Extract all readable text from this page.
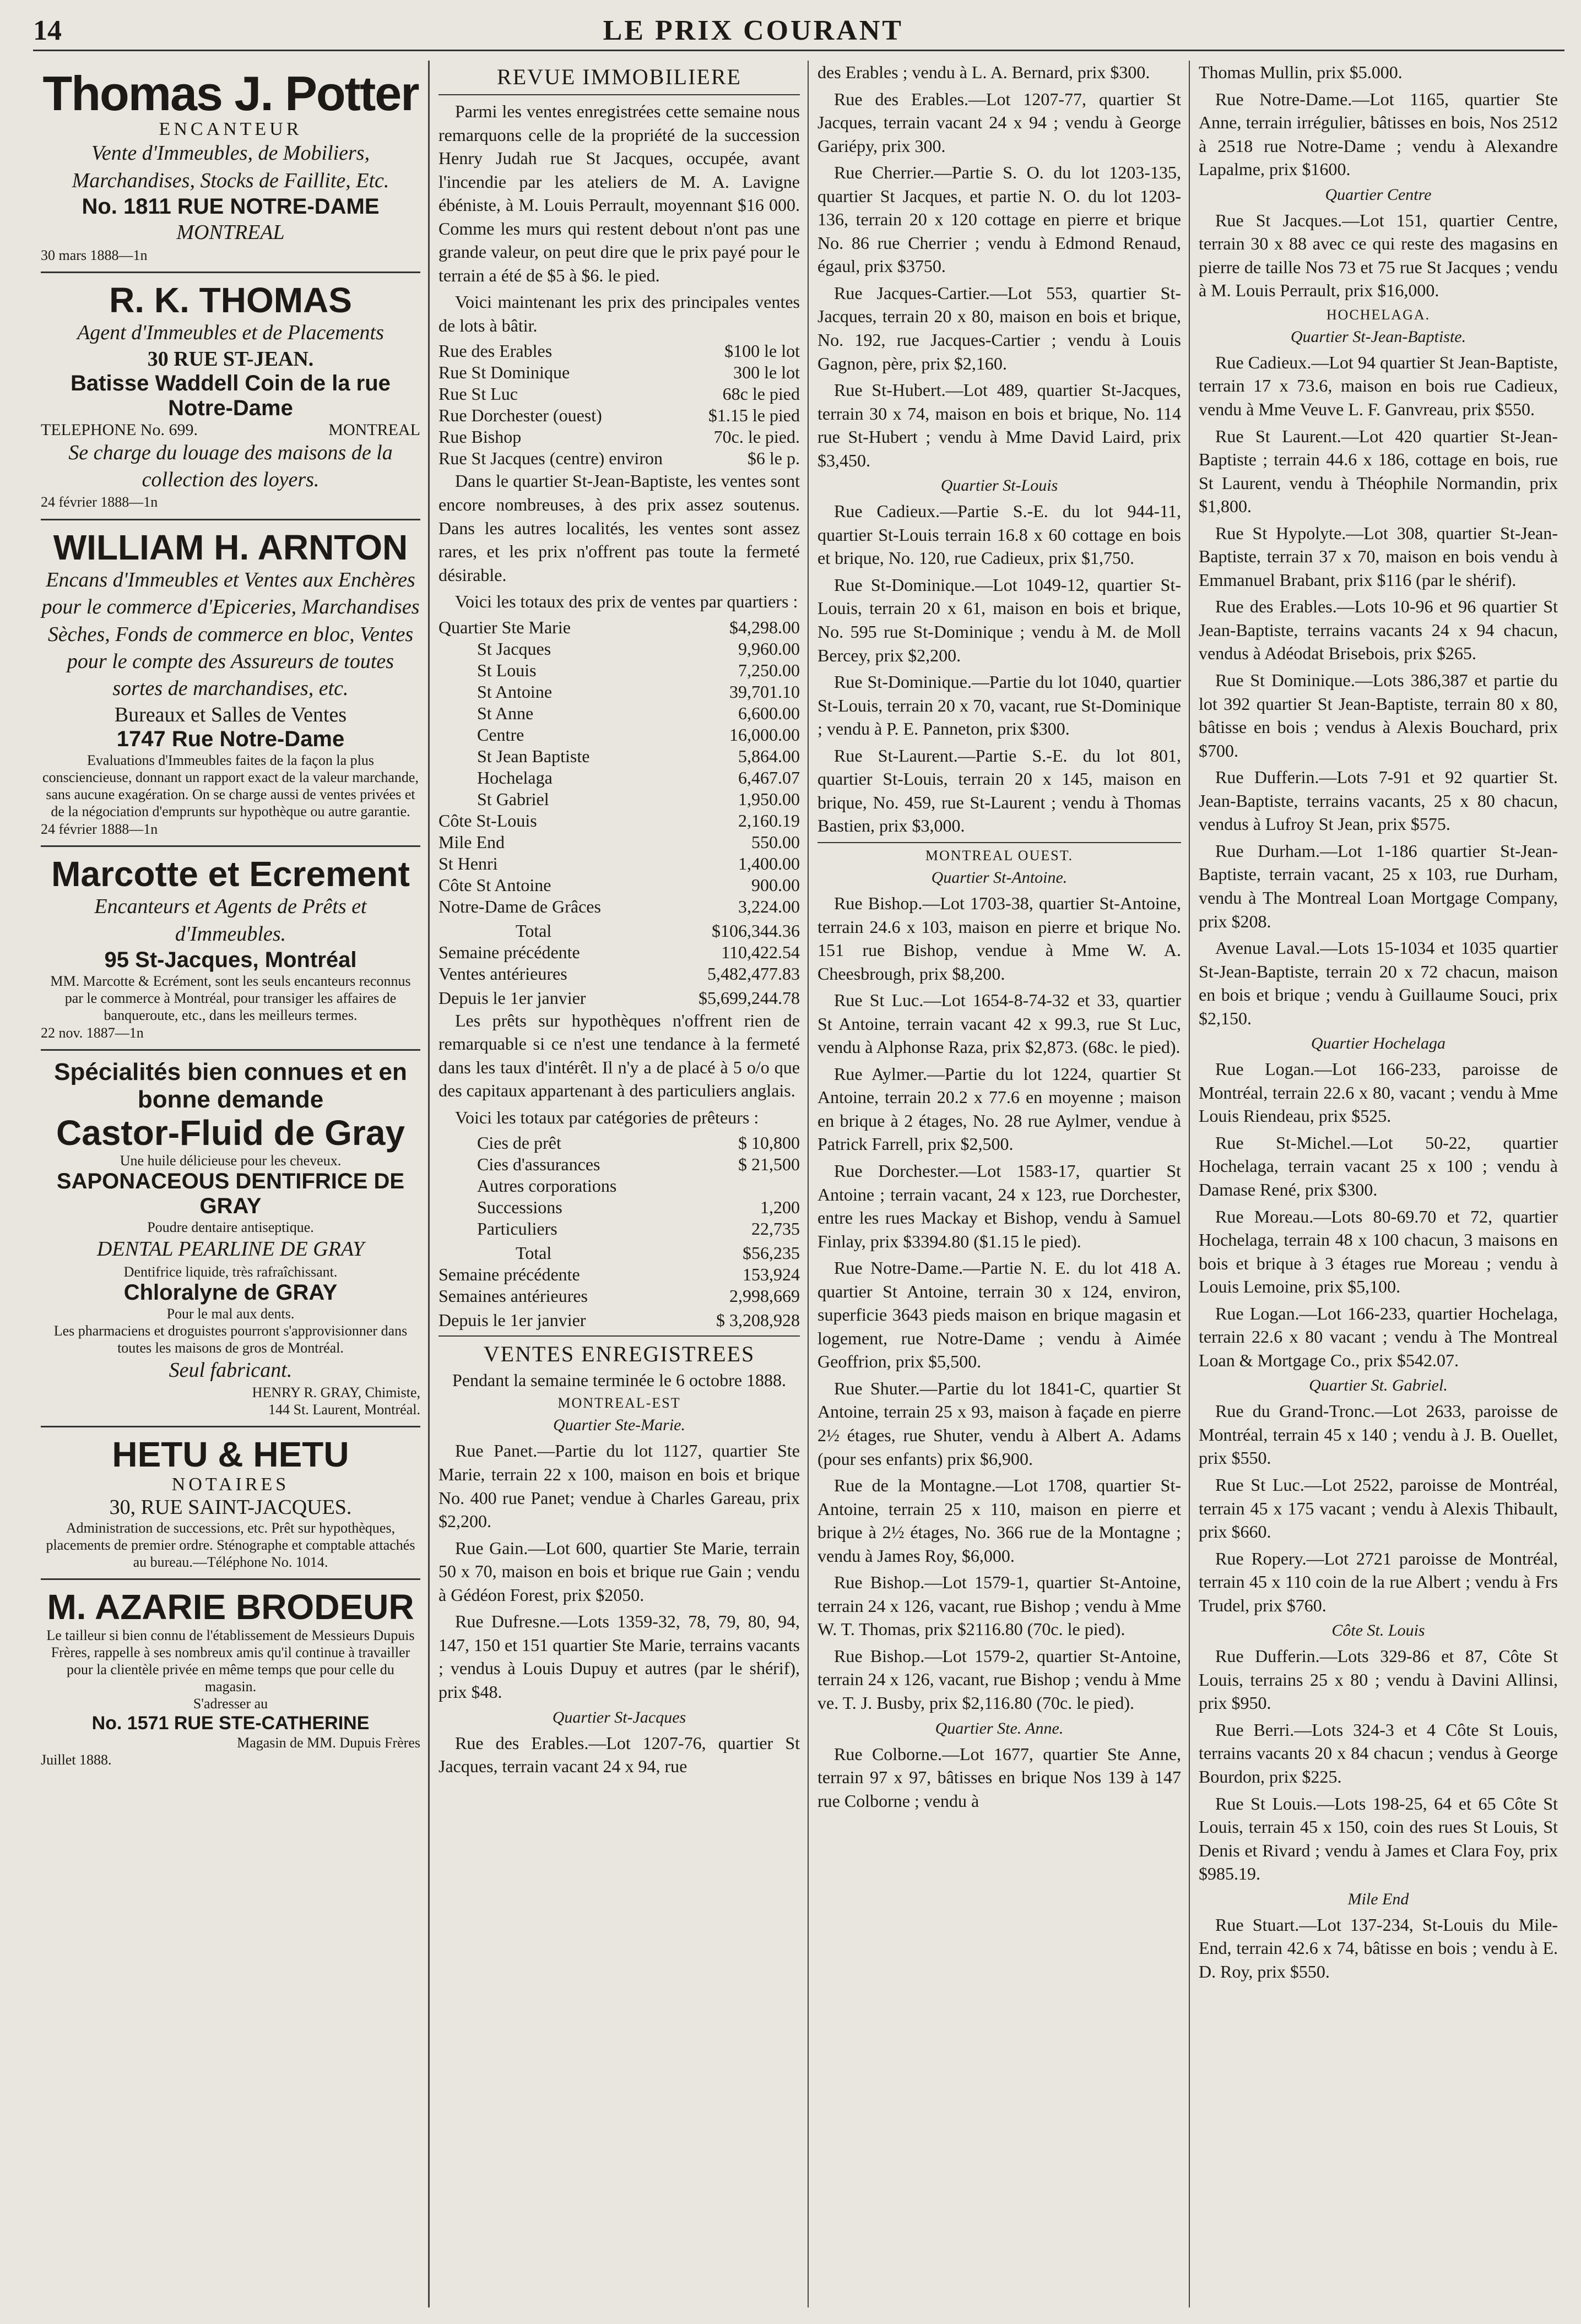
14	LE PRIX COURANT
Thomas J. Potter
ENCANTEUR
Vente d'Immeubles, de Mobiliers, Marchandises, Stocks de Faillite, Etc.
No. 1811 RUE NOTRE-DAME
MONTREAL
30 mars 1888—1n
R. K. THOMAS
Agent d'Immeubles et de Placements
30 RUE ST-JEAN.
Batisse Waddell Coin de la rue Notre-Dame
TELEPHONE No. 699.	MONTREAL
Se charge du louage des maisons de la collection des loyers.
24 février 1888—1n
WILLIAM H. ARNTON
Encans d'Immeubles et Ventes aux Enchères pour le commerce d'Epiceries, Marchandises Sèches, Fonds de commerce en bloc, Ventes pour le compte des Assureurs de toutes sortes de marchandises, etc.
Bureaux et Salles de Ventes
1747 Rue Notre-Dame
Evaluations d'Immeubles faites de la façon la plus consciencieuse, donnant un rapport exact de la valeur marchande, sans aucune exagération. On se charge aussi de ventes privées et de la négociation d'emprunts sur hypothèque ou autre garantie.
24 février 1888—1n
Marcotte et Ecrement
Encanteurs et Agents de Prêts et d'Immeubles.
95 St-Jacques, Montréal
MM. Marcotte & Ecrément, sont les seuls encanteurs reconnus par le commerce à Montréal, pour transiger les affaires de banqueroute, etc., dans les meilleurs termes.
22 nov. 1887—1n
Spécialités bien connues et en bonne demande
Castor-Fluid de Gray
Une huile délicieuse pour les cheveux.
SAPONACEOUS DENTIFRICE DE GRAY
Poudre dentaire antiseptique.
DENTAL PEARLINE DE GRAY
Dentifrice liquide, très rafraîchissant.
Chloralyne de GRAY
Pour le mal aux dents.
Les pharmaciens et droguistes pourront s'approvisionner dans toutes les maisons de gros de Montréal.
Seul fabricant.
HENRY R. GRAY, Chimiste,
144 St. Laurent, Montréal.
HETU & HETU
NOTAIRES
30, RUE SAINT-JACQUES.
Administration de successions, etc. Prêt sur hypothèques, placements de premier ordre. Sténographe et comptable attachés au bureau.—Téléphone No. 1014.
M. AZARIE BRODEUR
Le tailleur si bien connu de l'établissement de Messieurs Dupuis Frères, rappelle à ses nombreux amis qu'il continue à travailler pour la clientèle privée en même temps que pour celle du magasin.
S'adresser au
No. 1571 RUE STE-CATHERINE
Magasin de MM. Dupuis Frères
Juillet 1888.
REVUE IMMOBILIERE

Parmi les ventes enregistrées cette semaine nous remarquons celle de la propriété de la succession Henry Judah rue St Jacques, occupée, avant l'incendie par les ateliers de M. A. Lavigne ébéniste, à M. Louis Perrault, moyennant $16 000. Comme les murs qui restent debout n'ont pas une grande valeur, on peut dire que le prix payé pour le terrain a été de $5 à $6. le pied.

Voici maintenant les prix des principales ventes de lots à bâtir.

Rue des Erables	$100 le lot
Rue St Dominique	300 le lot
Rue St Luc	68c le pied
Rue Dorchester (ouest)	$1.15 le pied
Rue Bishop	70c. le pied.
Rue St Jacques (centre) environ	$6 le p.

Dans le quartier St-Jean-Baptiste, les ventes sont encore nombreuses, à des prix assez soutenus. Dans les autres localités, les ventes sont assez rares, et les prix n'offrent pas toute la fermeté désirable.

Voici les totaux des prix de ventes par quartiers :

Quartier Ste Marie	$4,298.00
St Jacques	9,960.00
St Louis	7,250.00
St Antoine	39,701.10
St Anne	6,600.00
Centre	16,000.00
St Jean Baptiste	5,864.00
Hochelaga	6,467.07
St Gabriel	1,950.00
Côte St-Louis	2,160.19
Mile End	550.00
St Henri	1,400.00
Côte St Antoine	900.00
Notre-Dame de Grâces	3,224.00
Total	$106,344.36
Semaine précédente	110,422.54
Ventes antérieures	5,482,477.83
Depuis le 1er janvier	$5,699,244.78

Les prêts sur hypothèques n'offrent rien de remarquable si ce n'est une tendance à la fermeté dans les taux d'intérêt. Il n'y a de placé à 5 o/o que des capitaux appartenant à des particuliers anglais.

Voici les totaux par catégories de prêteurs :

Cies de prêt	$ 10,800
Cies d'assurances	$ 21,500
Autres corporations	
Successions	1,200
Particuliers	22,735
Total	$56,235
Semaine précédente	153,924
Semaines antérieures	2,998,669
Depuis le 1er janvier	$ 3,208,928
VENTES ENREGISTREES
Pendant la semaine terminée le 6 octobre 1888.
MONTREAL-EST
Quartier Ste-Marie.

Rue Panet.—Partie du lot 1127, quartier Ste Marie, terrain 22 x 100, maison en bois et brique No. 400 rue Panet; vendue à Charles Gareau, prix $2,200.

Rue Gain.—Lot 600, quartier Ste Marie, terrain 50 x 70, maison en bois et brique rue Gain ; vendu à Gédéon Forest, prix $2050.

Rue Dufresne.—Lots 1359-32, 78, 79, 80, 94, 147, 150 et 151 quartier Ste Marie, terrains vacants ; vendus à Louis Dupuy et autres (par le shérif), prix $48.

Quartier St-Jacques

Rue des Erables.—Lot 1207-76, quartier St Jacques, terrain vacant 24 x 94, rue

des Erables ; vendu à L. A. Bernard, prix $300.

Rue des Erables.—Lot 1207-77, quartier St Jacques, terrain vacant 24 x 94 ; vendu à George Gariépy, prix 300.

Rue Cherrier.—Partie S. O. du lot 1203-135, quartier St Jacques, et partie N. O. du lot 1203-136, terrain 20 x 120 cottage en pierre et brique No. 86 rue Cherrier ; vendu à Edmond Renaud, égaul, prix $3750.

Rue Jacques-Cartier.—Lot 553, quartier St-Jacques, terrain 20 x 80, maison en bois et brique, No. 192, rue Jacques-Cartier ; vendu à Louis Gagnon, père, prix $2,160.

Rue St-Hubert.—Lot 489, quartier St-Jacques, terrain 30 x 74, maison en bois et brique, No. 114 rue St-Hubert ; vendu à Mme David Laird, prix $3,450.

Quartier St-Louis

Rue Cadieux.—Partie S.-E. du lot 944-11, quartier St-Louis terrain 16.8 x 60 cottage en bois et brique, No. 120, rue Cadieux, prix $1,750.

Rue St-Dominique.—Lot 1049-12, quartier St-Louis, terrain 20 x 61, maison en bois et brique, No. 595 rue St-Dominique ; vendu à M. de Moll Bercey, prix $2,200.

Rue St-Dominique.—Partie du lot 1040, quartier St-Louis, terrain 20 x 70, vacant, rue St-Dominique ; vendu à P. E. Panneton, prix $300.

Rue St-Laurent.—Partie S.-E. du lot 801, quartier St-Louis, terrain 20 x 145, maison en brique, No. 459, rue St-Laurent ; vendu à Thomas Bastien, prix $3,000.

MONTREAL OUEST.
Quartier St-Antoine.

Rue Bishop.—Lot 1703-38, quartier St-Antoine, terrain 24.6 x 103, maison en pierre et brique No. 151 rue Bishop, vendue à Mme W. A. Cheesbrough, prix $8,200.

Rue St Luc.—Lot 1654-8-74-32 et 33, quartier St Antoine, terrain vacant 42 x 99.3, rue St Luc, vendu à Alphonse Raza, prix $2,873. (68c. le pied).

Rue Aylmer.—Partie du lot 1224, quartier St Antoine, terrain 20.2 x 77.6 en moyenne ; maison en brique à 2 étages, No. 28 rue Aylmer, vendue à Patrick Farrell, prix $2,500.

Rue Dorchester.—Lot 1583-17, quartier St Antoine ; terrain vacant, 24 x 123, rue Dorchester, entre les rues Mackay et Bishop, vendu à Samuel Finlay, prix $3394.80 ($1.15 le pied).

Rue Notre-Dame.—Partie N. E. du lot 418 A. quartier St Antoine, terrain 30 x 124, environ, superficie 3643 pieds maison en brique magasin et logement, rue Notre-Dame ; vendu à Aimée Geoffrion, prix $5,500.

Rue Shuter.—Partie du lot 1841-C, quartier St Antoine, terrain 25 x 93, maison à façade en pierre 2½ étages, rue Shuter, vendu à Albert A. Adams (pour ses enfants) prix $6,900.

Rue de la Montagne.—Lot 1708, quartier St-Antoine, terrain 25 x 110, maison en pierre et brique à 2½ étages, No. 366 rue de la Montagne ; vendu à James Roy, $6,000.

Rue Bishop.—Lot 1579-1, quartier St-Antoine, terrain 24 x 126, vacant, rue Bishop ; vendu à Mme W. T. Thomas, prix $2116.80 (70c. le pied).

Rue Bishop.—Lot 1579-2, quartier St-Antoine, terrain 24 x 126, vacant, rue Bishop ; vendu à Mme ve. T. J. Busby, prix $2,116.80 (70c. le pied).

Quartier Ste. Anne.

Rue Colborne.—Lot 1677, quartier Ste Anne, terrain 97 x 97, bâtisses en brique Nos 139 à 147 rue Colborne ; vendu à

Thomas Mullin, prix $5.000.

Rue Notre-Dame.—Lot 1165, quartier Ste Anne, terrain irrégulier, bâtisses en bois, Nos 2512 à 2518 rue Notre-Dame ; vendu à Alexandre Lapalme, prix $1600.

Quartier Centre

Rue St Jacques.—Lot 151, quartier Centre, terrain 30 x 88 avec ce qui reste des magasins en pierre de taille Nos 73 et 75 rue St Jacques ; vendu à M. Louis Perrault, prix $16,000.

HOCHELAGA.
Quartier St-Jean-Baptiste.

Rue Cadieux.—Lot 94 quartier St Jean-Baptiste, terrain 17 x 73.6, maison en bois rue Cadieux, vendu à Mme Veuve L. F. Ganvreau, prix $550.

Rue St Laurent.—Lot 420 quartier St-Jean-Baptiste ; terrain 44.6 x 186, cottage en bois, rue St Laurent, vendu à Théophile Normandin, prix $1,800.

Rue St Hypolyte.—Lot 308, quartier St-Jean-Baptiste, terrain 37 x 70, maison en bois vendu à Emmanuel Brabant, prix $116 (par le shérif).

Rue des Erables.—Lots 10-96 et 96 quartier St Jean-Baptiste, terrains vacants 24 x 94 chacun, vendus à Adéodat Brisebois, prix $265.

Rue St Dominique.—Lots 386,387 et partie du lot 392 quartier St Jean-Baptiste, terrain 80 x 80, bâtisse en bois ; vendus à Alexis Bouchard, prix $700.

Rue Dufferin.—Lots 7-91 et 92 quartier St. Jean-Baptiste, terrains vacants, 25 x 80 chacun, vendus à Lufroy St Jean, prix $575.

Rue Durham.—Lot 1-186 quartier St-Jean-Baptiste, terrain vacant, 25 x 103, rue Durham, vendu à The Montreal Loan Mortgage Company, prix $208.

Avenue Laval.—Lots 15-1034 et 1035 quartier St-Jean-Baptiste, terrain 20 x 72 chacun, maison en bois et brique ; vendu à Guillaume Souci, prix $2,150.

Quartier Hochelaga

Rue Logan.—Lot 166-233, paroisse de Montréal, terrain 22.6 x 80, vacant ; vendu à Mme Louis Riendeau, prix $525.

Rue St-Michel.—Lot 50-22, quartier Hochelaga, terrain vacant 25 x 100 ; vendu à Damase René, prix $300.

Rue Moreau.—Lots 80-69.70 et 72, quartier Hochelaga, terrain 48 x 100 chacun, 3 maisons en bois et brique à 3 étages rue Moreau ; vendu à Louis Lemoine, prix $5,100.

Rue Logan.—Lot 166-233, quartier Hochelaga, terrain 22.6 x 80 vacant ; vendu à The Montreal Loan & Mortgage Co., prix $542.07.

Quartier St. Gabriel.

Rue du Grand-Tronc.—Lot 2633, paroisse de Montréal, terrain 45 x 140 ; vendu à J. B. Ouellet, prix $550.

Rue St Luc.—Lot 2522, paroisse de Montréal, terrain 45 x 175 vacant ; vendu à Alexis Thibault, prix $660.

Rue Ropery.—Lot 2721 paroisse de Montréal, terrain 45 x 110 coin de la rue Albert ; vendu à Frs Trudel, prix $760.

Côte St. Louis

Rue Dufferin.—Lots 329-86 et 87, Côte St Louis, terrains 25 x 80 ; vendu à Davini Allinsi, prix $950.

Rue Berri.—Lots 324-3 et 4 Côte St Louis, terrains vacants 20 x 84 chacun ; vendus à George Bourdon, prix $225.

Rue St Louis.—Lots 198-25, 64 et 65 Côte St Louis, terrain 45 x 150, coin des rues St Louis, St Denis et Rivard ; vendu à James et Clara Foy, prix $985.19.

Mile End

Rue Stuart.—Lot 137-234, St-Louis du Mile-End, terrain 42.6 x 74, bâtisse en bois ; vendu à E. D. Roy, prix $550.
